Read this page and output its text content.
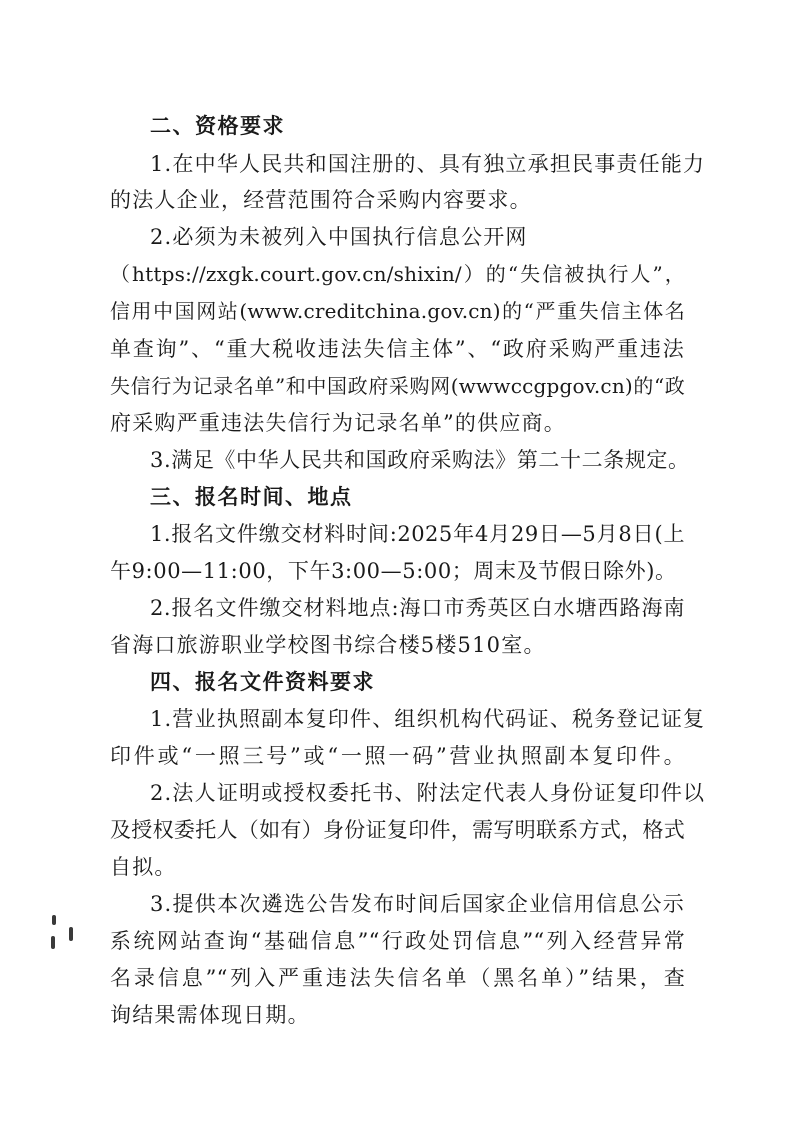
二、资格要求
1.在中华人民共和国注册的、具有独立承担民事责任能力
的法人企业，经营范围符合采购内容要求。
2.必须为未被列入中国执行信息公开网
（https://zxgk.court.gov.cn/shixin/）的“失信被执行人”，
信用中国网站(www.creditchina.gov.cn)的“严重失信主体名
单查询”、“重大税收违法失信主体”、“政府采购严重违法
失信行为记录名单”和中国政府采购网(wwwccgpgov.cn)的“政
府采购严重违法失信行为记录名单”的供应商。
3.满足《中华人民共和国政府采购法》第二十二条规定。
三、报名时间、地点
1.报名文件缴交材料时间:2025年4月29日—5月8日(上
午9:00—11:00，下午3:00—5:00；周末及节假日除外)。
2.报名文件缴交材料地点:海口市秀英区白水塘西路海南
省海口旅游职业学校图书综合楼5楼510室。
四、报名文件资料要求
1.营业执照副本复印件、组织机构代码证、税务登记证复
印件或“一照三号”或“一照一码”营业执照副本复印件。
2.法人证明或授权委托书、附法定代表人身份证复印件以
及授权委托人（如有）身份证复印件，需写明联系方式，格式
自拟。
3.提供本次遴选公告发布时间后国家企业信用信息公示
系统网站查询“基础信息”“行政处罚信息”“列入经营异常
名录信息”“列入严重违法失信名单（黑名单）”结果，查
询结果需体现日期。
